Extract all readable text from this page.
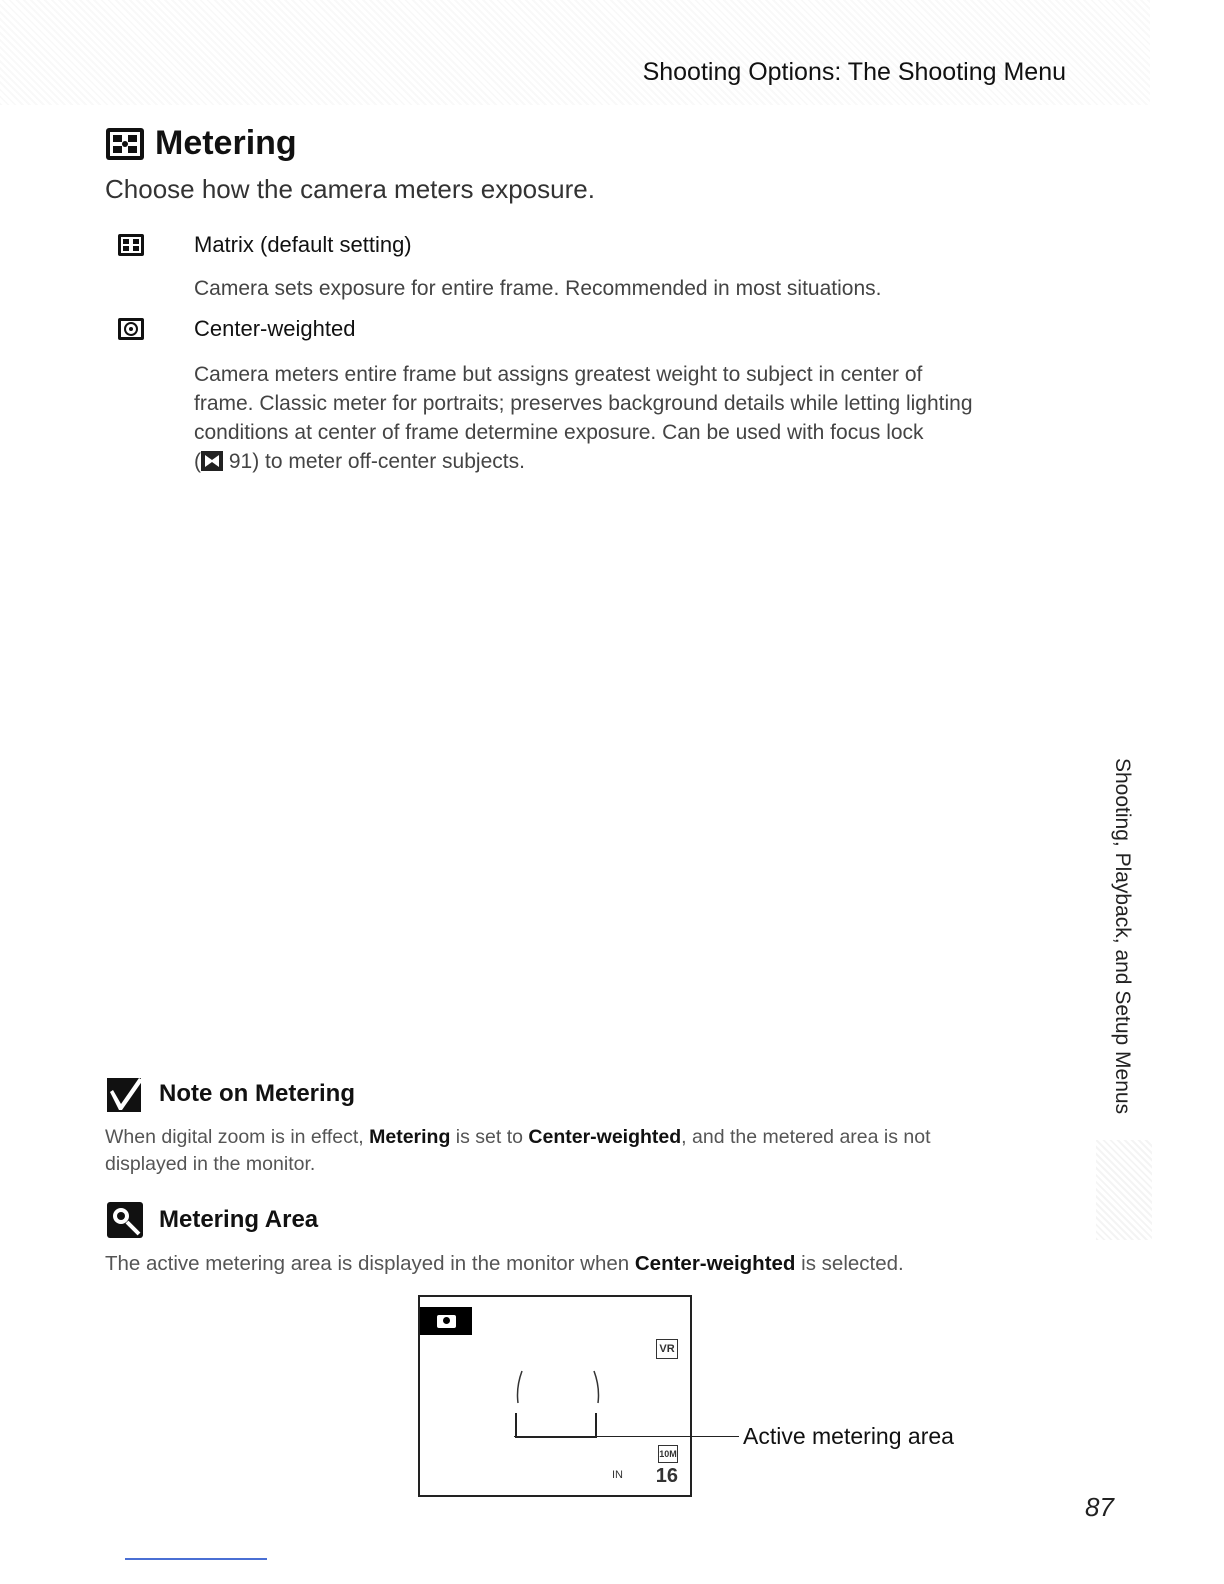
Shooting Options: The Shooting Menu
Metering
Choose how the camera meters exposure.
Matrix (default setting)
Camera sets exposure for entire frame. Recommended in most situations.
Center-weighted
Camera meters entire frame but assigns greatest weight to subject in center of
frame. Classic meter for portraits; preserves background details while letting lighting
conditions at center of frame determine exposure. Can be used with focus lock
( 91) to meter off-center subjects.
Note on Metering
When digital zoom is in effect, Metering is set to Center-weighted, and the metered area is not
displayed in the monitor.
Metering Area
The active metering area is displayed in the monitor when Center-weighted is selected.
VR
10M
IN 16
Active metering area
Shooting, Playback, and Setup Menus
87
